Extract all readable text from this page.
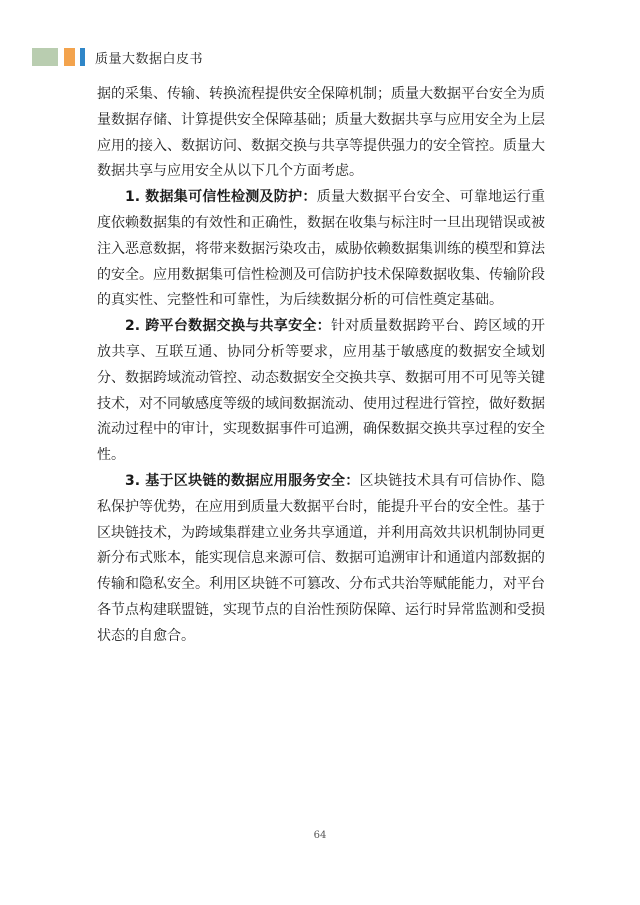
质量大数据白皮书

据的采集、传输、转换流程提供安全保障机制；质量大数据平台安全为质量数据存储、计算提供安全保障基础；质量大数据共享与应用安全为上层应用的接入、数据访问、数据交换与共享等提供强力的安全管控。质量大数据共享与应用安全从以下几个方面考虑。

1. 数据集可信性检测及防护：质量大数据平台安全、可靠地运行重度依赖数据集的有效性和正确性，数据在收集与标注时一旦出现错误或被注入恶意数据，将带来数据污染攻击，威胁依赖数据集训练的模型和算法的安全。应用数据集可信性检测及可信防护技术保障数据收集、传输阶段的真实性、完整性和可靠性，为后续数据分析的可信性奠定基础。

2. 跨平台数据交换与共享安全：针对质量数据跨平台、跨区域的开放共享、互联互通、协同分析等要求，应用基于敏感度的数据安全域划分、数据跨域流动管控、动态数据安全交换共享、数据可用不可见等关键技术，对不同敏感度等级的域间数据流动、使用过程进行管控，做好数据流动过程中的审计，实现数据事件可追溯，确保数据交换共享过程的安全性。

3. 基于区块链的数据应用服务安全：区块链技术具有可信协作、隐私保护等优势，在应用到质量大数据平台时，能提升平台的安全性。基于区块链技术，为跨域集群建立业务共享通道，并利用高效共识机制协同更新分布式账本，能实现信息来源可信、数据可追溯审计和通道内部数据的传输和隐私安全。利用区块链不可篡改、分布式共治等赋能能力，对平台各节点构建联盟链，实现节点的自治性预防保障、运行时异常监测和受损状态的自愈合。

64
